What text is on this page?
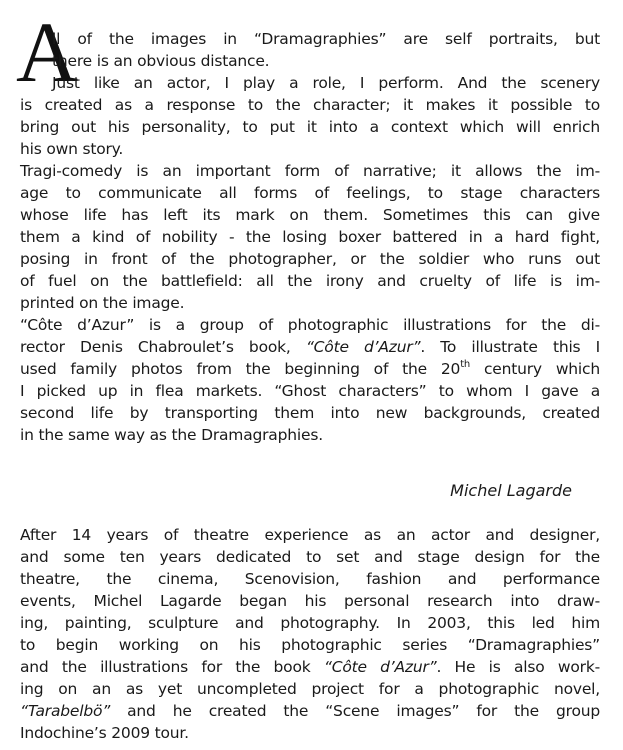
A
ll of the images in “Dramagraphies” are self portraits, but
there is an obvious distance.
Just like an actor, I play a role, I perform. And the scenery
is created as a response to the character; it makes it possible to
bring out his personality, to put it into a context which will enrich
his own story.
Tragi-comedy is an important form of narrative; it allows the im-
age to communicate all forms of feelings, to stage characters
whose life has left its mark on them. Sometimes this can give
them a kind of nobility - the losing boxer battered in a hard fight,
posing in front of the photographer, or the soldier who runs out
of fuel on the battlefield: all the irony and cruelty of life is im-
printed on the image.
“Côte d’Azur” is a group of photographic illustrations for the di-
rector Denis Chabroulet’s book, “Côte d’Azur”. To illustrate this I
used family photos from the beginning of the 20th century which
I picked up in flea markets. “Ghost characters” to whom I gave a
second life by transporting them into new backgrounds, created
in the same way as the Dramagraphies.
Michel Lagarde
After 14 years of theatre experience as an actor and designer,
and some ten years dedicated to set and stage design for the
theatre, the cinema, Scenovision, fashion and performance
events, Michel Lagarde began his personal research into draw-
ing, painting, sculpture and photography. In 2003, this led him
to begin working on his photographic series “Dramagraphies”
and the illustrations for the book “Côte d’Azur”. He is also work-
ing on an as yet uncompleted project for a photographic novel,
“Tarabelbö” and he created the “Scene images” for the group
Indochine’s 2009 tour.
